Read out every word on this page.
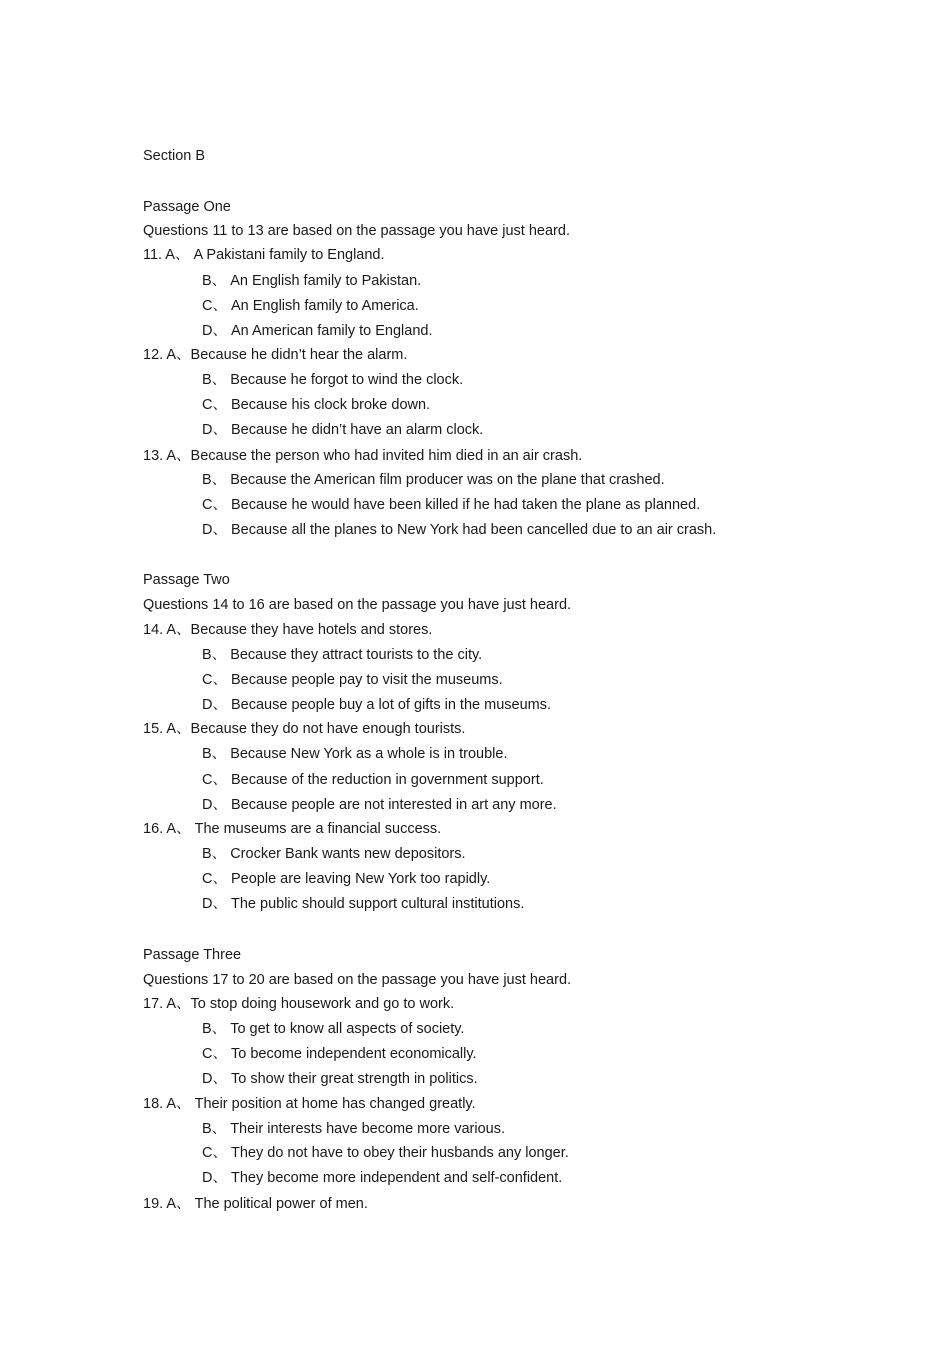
Section B
Passage One
Questions 11 to 13 are based on the passage you have just heard.
11. A、 A Pakistani family to England.
B、 An English family to Pakistan.
C、 An English family to America.
D、 An American family to England.
12. A、Because he didn’t hear the alarm.
B、 Because he forgot to wind the clock.
C、 Because his clock broke down.
D、 Because he didn’t have an alarm clock.
13. A、Because the person who had invited him died in an air crash.
B、 Because the American film producer was on the plane that crashed.
C、 Because he would have been killed if he had taken the plane as planned.
D、 Because all the planes to New York had been cancelled due to an air crash.
Passage Two
Questions 14 to 16 are based on the passage you have just heard.
14. A、Because they have hotels and stores.
B、 Because they attract tourists to the city.
C、 Because people pay to visit the museums.
D、 Because people buy a lot of gifts in the museums.
15. A、Because they do not have enough tourists.
B、 Because New York as a whole is in trouble.
C、 Because of the reduction in government support.
D、 Because people are not interested in art any more.
16. A、 The museums are a financial success.
B、 Crocker Bank wants new depositors.
C、 People are leaving New York too rapidly.
D、 The public should support cultural institutions.
Passage Three
Questions 17 to 20 are based on the passage you have just heard.
17. A、To stop doing housework and go to work.
B、 To get to know all aspects of society.
C、 To become independent economically.
D、 To show their great strength in politics.
18. A、 Their position at home has changed greatly.
B、 Their interests have become more various.
C、 They do not have to obey their husbands any longer.
D、 They become more independent and self-confident.
19. A、 The political power of men.
